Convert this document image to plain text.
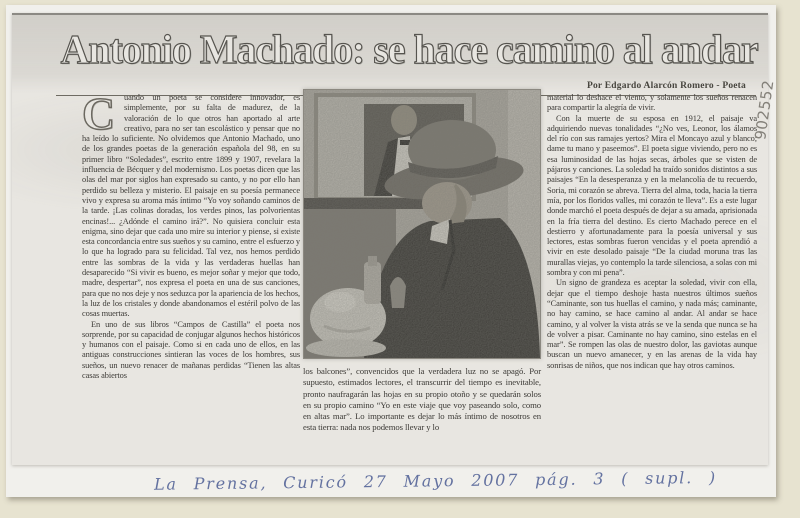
Antonio Machado: se hace camino al andar
Por Edgardo Alarcón Romero - Poeta
C	uando un poeta se considere innovador, es simplemente, por su falta de madurez, de la valoración de lo que otros han aportado al arte creativo, para no ser tan escolástico y pensar que no ha leído lo suficiente. No olvidemos que Antonio Machado, uno de los grandes poetas de la generación española del 98, en su primer libro “Soledades”, escrito entre 1899 y 1907, revelara la influencia de Bécquer y del modernismo. Los poetas dicen que las olas del mar por siglos han expresado su canto, y no por ello han perdido su belleza y misterio. El paisaje en su poesía permanece vivo y expresa su aroma más íntimo “Yo voy soñando caminos de la tarde. ¡Las colinas doradas, los verdes pinos, las polvorientas encinas!... ¿Adónde el camino irá?”. No quisiera concluir esta enigma, sino dejar que cada uno mire su interior y piense, si existe esta concordancia entre sus sueños y su camino, entre el esfuerzo y lo que ha logrado para su felicidad. Tal vez, nos hemos perdido entre las sombras de la vida y las verdaderas huellas han desaparecido “Si vivir es bueno, es mejor soñar y mejor que todo, madre, despertar”, nos expresa el poeta en una de sus canciones, para que no nos deje y nos seduzca por la apariencia de los hechos, la luz de los cristales y donde abandonamos el estéril polvo de las cosas muertas.

En uno de sus libros “Campos de Castilla” el poeta nos sorprende, por su capacidad de conjugar algunos hechos históricos y humanos con el paisaje. Como si en cada uno de ellos, en las antiguas construcciones sintieran las voces de los hombres, sus sueños, un nuevo renacer de mañanas perdidas “Tienen las altas casas abiertos	los balcones”, convencidos que la verdadera luz no se apagó. Por supuesto, estimados lectores, el transcurrir del tiempo es inevitable, pronto naufragarán las hojas en su propio otoño y se quedarán solos en su propio camino “Yo en este viaje que voy paseando solo, como en altas mar”. Lo importante es dejar lo más íntimo de nosotros en esta tierra: nada nos podemos llevar y lo

material lo deshace el viento, y solamente los sueños renacen para compartir la alegría de vivir.

Con la muerte de su esposa en 1912, el paisaje va adquiriendo nuevas tonalidades “¿No ves, Leonor, los álamos del río con sus ramajes yertos? Mira el Moncayo azul y blanco; dame tu mano y paseemos”. El poeta sigue viviendo, pero no es esa luminosidad de las hojas secas, árboles que se visten de pájaros y canciones. La soledad ha traído sonidos distintos a sus paisajes “En la desesperanza y en la melancolía de tu recuerdo, Soria, mi corazón se abreva. Tierra del alma, toda, hacia la tierra mía, por los floridos valles, mi corazón te lleva”. Es a este lugar donde marchó el poeta después de dejar a su amada, aprisionada en la fría tierra del destino. Es cierto Machado perece en el destierro y afortunadamente para la poesía universal y sus lectores, estas sombras fueron vencidas y el poeta aprendió a vivir en este desolado paisaje “De la ciudad moruna tras las murallas viejas, yo contemplo la tarde silenciosa, a solas con mi sombra y con mi pena”.

Un signo de grandeza es aceptar la soledad, vivir con ella, dejar que el tiempo deshoje hasta nuestros últimos sueños “Caminante, son tus huellas el camino, y nada más; caminante, no hay camino, se hace camino al andar. Al andar se hace camino, y al volver la vista atrás se ve la senda que nunca se ha de volver a pisar. Caminante no hay camino, sino estelas en el mar”. Se rompen las olas de nuestro dolor, las gaviotas aunque buscan un nuevo amanecer, y en las arenas de la vida hay sonrisas de niños, que nos indican que hay otros caminos.

La Prensa, Curicó 27 Mayo 2007 pág. 3 ( supl. )
902552
